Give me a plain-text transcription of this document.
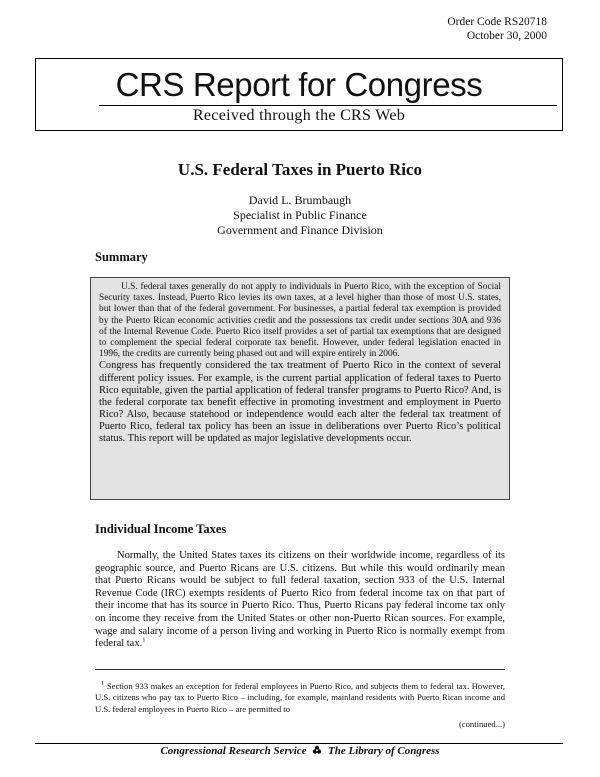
Order Code RS20718
October 30, 2000
CRS Report for Congress
Received through the CRS Web
U.S. Federal Taxes in Puerto Rico
David L. Brumbaugh
Specialist in Public Finance
Government and Finance Division
Summary

U.S. federal taxes generally do not apply to individuals in Puerto Rico, with the exception of Social Security taxes. Instead, Puerto Rico levies its own taxes, at a level higher than those of most U.S. states, but lower than that of the federal government. For businesses, a partial federal tax exemption is provided by the Puerto Rican economic activities credit and the possessions tax credit under sections 30A and 936 of the Internal Revenue Code. Puerto Rico itself provides a set of partial tax exemptions that are designed to complement the special federal corporate tax benefit. However, under federal legislation enacted in 1996, the credits are currently being phased out and will expire entirely in 2006.

Congress has frequently considered the tax treatment of Puerto Rico in the context of several different policy issues. For example, is the current partial application of federal taxes to Puerto Rico equitable, given the partial application of federal transfer programs to Puerto Rico? And, is the federal corporate tax benefit effective in promoting investment and employment in Puerto Rico? Also, because statehood or independence would each alter the federal tax treatment of Puerto Rico, federal tax policy has been an issue in deliberations over Puerto Rico’s political status. This report will be updated as major legislative developments occur.

Individual Income Taxes

Normally, the United States taxes its citizens on their worldwide income, regardless of its geographic source, and Puerto Ricans are U.S. citizens. But while this would ordinarily mean that Puerto Ricans would be subject to full federal taxation, section 933 of the U.S. Internal Revenue Code (IRC) exempts residents of Puerto Rico from federal income tax on that part of their income that has its source in Puerto Rico. Thus, Puerto Ricans pay federal income tax only on income they receive from the United States or other non-Puerto Rican sources. For example, wage and salary income of a person living and working in Puerto Rico is normally exempt from federal tax.$^1$

$^1$ Section 933 makes an exception for federal employees in Puerto Rico, and subjects them to federal tax. However, U.S. citizens who pay tax to Puerto Rico – including, for example, mainland residents with Puerto Rican income and U.S. federal employees in Puerto Rico – are permitted to

(continued...)
Congressional Research Service The Library of Congress
